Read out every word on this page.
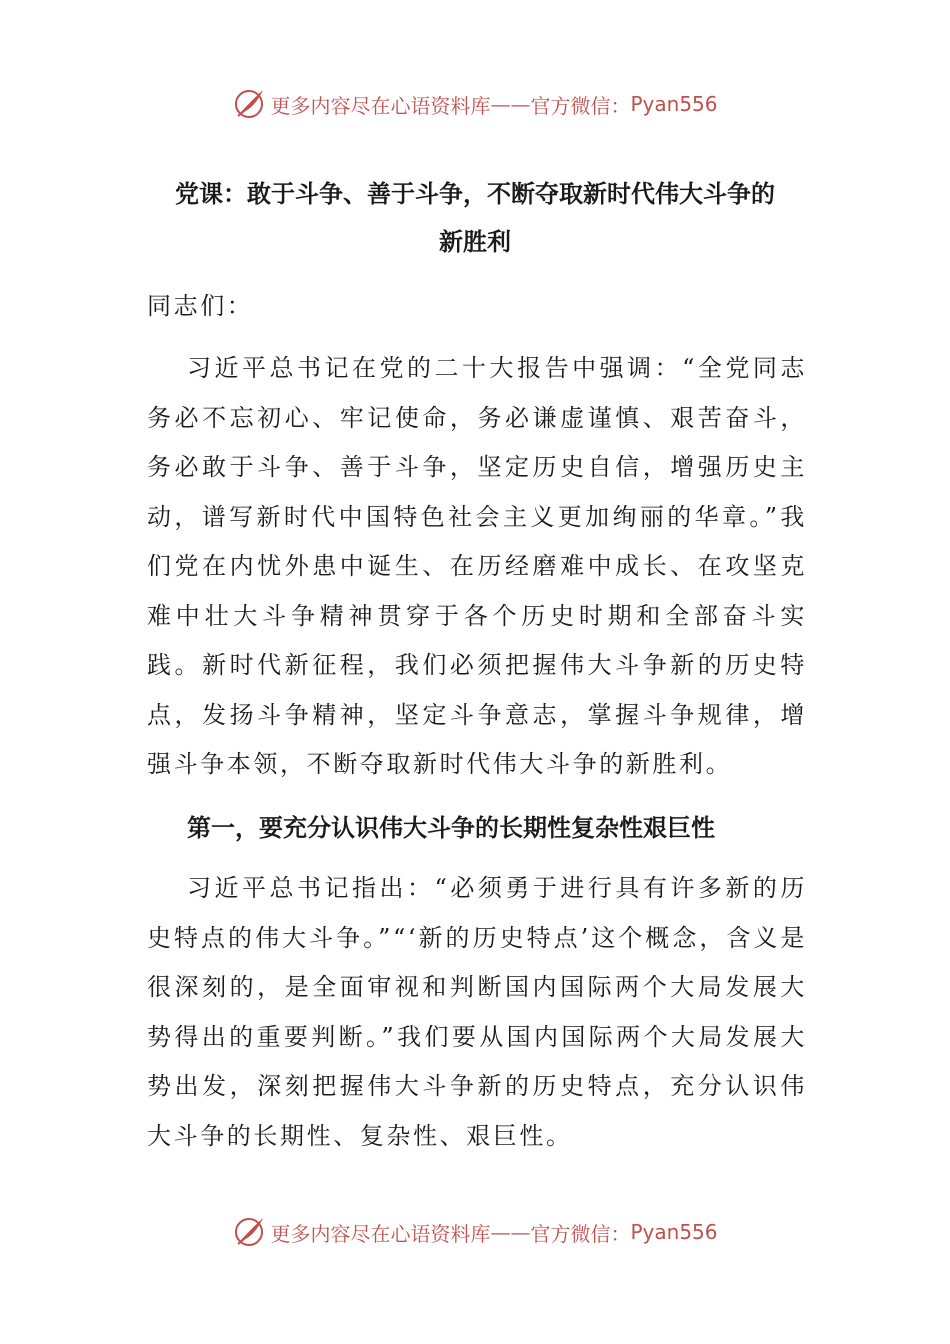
更多内容尽在心语资料库 —— 官方微信： Pyan556
党课：敢于斗争、善于斗争，不断夺取新时代伟大斗争的
新胜利
同志们：
习近平总书记在党的二十大报告中强调：“全党同志务必不忘初心、牢记使命，务必谦虚谨慎、艰苦奋斗，务必敢于斗争、善于斗争，坚定历史自信，增强历史主动，谱写新时代中国特色社会主义更加绚丽的华章。”我们党在内忧外患中诞生、在历经磨难中成长、在攻坚克难中壮大斗争精神贯穿于各个历史时期和全部奋斗实践。新时代新征程，我们必须把握伟大斗争新的历史特点，发扬斗争精神，坚定斗争意志，掌握斗争规律，增强斗争本领，不断夺取新时代伟大斗争的新胜利。
第一，要充分认识伟大斗争的长期性复杂性艰巨性
习近平总书记指出：“必须勇于进行具有许多新的历史特点的伟大斗争。”“‘新的历史特点’这个概念，含义是很深刻的，是全面审视和判断国内国际两个大局发展大势得出的重要判断。”我们要从国内国际两个大局发展大势出发，深刻把握伟大斗争新的历史特点，充分认识伟大斗争的长期性、复杂性、艰巨性。
更多内容尽在心语资料库 —— 官方微信： Pyan556
